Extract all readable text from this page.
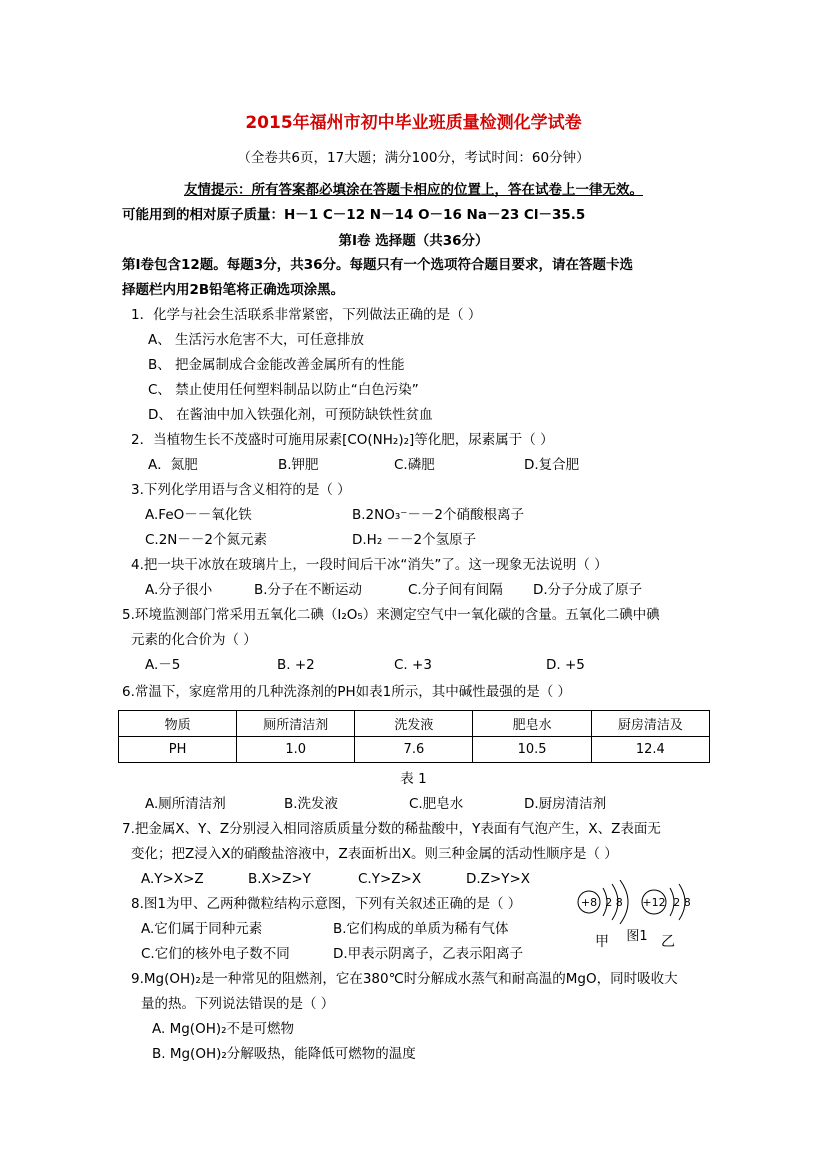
2015年福州市初中毕业班质量检测化学试卷
（全卷共6页，17大题；满分100分，考试时间：60分钟）
友情提示：所有答案都必填涂在答题卡相应的位置上，答在试卷上一律无效。
可能用到的相对原子质量：H－1 C－12 N－14 O－16 Na－23 Cl－35.5
第Ⅰ卷 选择题（共36分）
第Ⅰ卷包含12题。每题3分，共36分。每题只有一个选项符合题目要求，请在答题卡选
择题栏内用2B铅笔将正确选项涂黑。
1．化学与社会生活联系非常紧密，下列做法正确的是（ ）
A、 生活污水危害不大，可任意排放
B、 把金属制成合金能改善金属所有的性能
C、 禁止使用任何塑料制品以防止“白色污染”
D、 在酱油中加入铁强化剂，可预防缺铁性贫血
2．当植物生长不茂盛时可施用尿素[CO(NH₂)₂]等化肥，尿素属于（ ）
A．氮肥	B.钾肥	C.磷肥	D.复合肥
3.下列化学用语与含义相符的是（ ）
A.FeO－－氧化铁	B.2NO₃⁻－－2个硝酸根离子
C.2N－－2个氮元素	D.H₂ －－2个氢原子
4.把一块干冰放在玻璃片上，一段时间后干冰“消失”了。这一现象无法说明（ ）
A.分子很小	B.分子在不断运动	C.分子间有间隔 D.分子分成了原子
5.环境监测部门常采用五氧化二碘（I₂O₅）来测定空气中一氧化碳的含量。五氧化二碘中碘
元素的化合价为（ ）
A.－5	B. +2	C. +3	D. +5
6.常温下，家庭常用的几种洗涤剂的PH如表1所示，其中碱性最强的是（ ）
物质	厕所清洁剂	洗发液	肥皂水	厨房清洁及
PH	1.0	7.6	10.5	12.4
表 1
A.厕所清洁剂	B.洗发液	C.肥皂水	D.厨房清洁剂
7.把金属X、Y、Z分别浸入相同溶质质量分数的稀盐酸中，Y表面有气泡产生，X、Z表面无
变化；把Z浸入X的硝酸盐溶液中，Z表面析出X。则三种金属的活动性顺序是（ ）
A.Y>X>Z	B.X>Z>Y	C.Y>Z>X	D.Z>Y>X
8.图1为甲、乙两种微粒结构示意图，下列有关叙述正确的是（ ）
A.它们属于同种元素	B.它们构成的单质为稀有气体
C.它们的核外电子数不同	D.甲表示阴离子，乙表示阳离子
+8 2 8
甲
+12 2 8
乙
图1
9.Mg(OH)₂是一种常见的阻燃剂，它在380℃时分解成水蒸气和耐高温的MgO，同时吸收大
量的热。下列说法错误的是（ ）
A. Mg(OH)₂不是可燃物
B. Mg(OH)₂分解吸热，能降低可燃物的温度
